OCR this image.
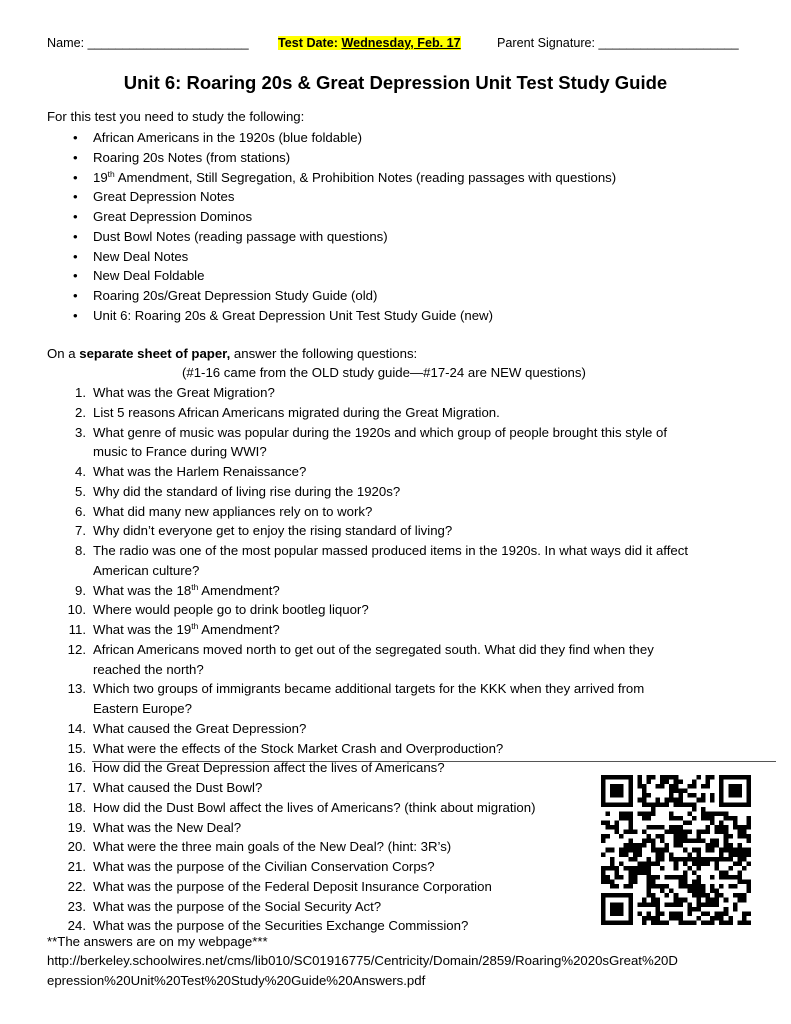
Name: _______________________ Test Date: Wednesday, Feb. 17	Parent Signature: ____________________
Unit 6: Roaring 20s & Great Depression Unit Test Study Guide
For this test you need to study the following:
• African Americans in the 1920s (blue foldable)
• Roaring 20s Notes (from stations)
• 19th Amendment, Still Segregation, & Prohibition Notes (reading passages with questions)
• Great Depression Notes
• Great Depression Dominos
• Dust Bowl Notes (reading passage with questions)
• New Deal Notes
• New Deal Foldable
• Roaring 20s/Great Depression Study Guide (old)
• Unit 6: Roaring 20s & Great Depression Unit Test Study Guide (new)
On a separate sheet of paper, answer the following questions:
(#1-16 came from the OLD study guide—#17-24 are NEW questions)
1. What was the Great Migration?
2. List 5 reasons African Americans migrated during the Great Migration.
3. What genre of music was popular during the 1920s and which group of people brought this style of
music to France during WWI?
4. What was the Harlem Renaissance?
5. Why did the standard of living rise during the 1920s?
6. What did many new appliances rely on to work?
7. Why didn’t everyone get to enjoy the rising standard of living?
8. The radio was one of the most popular massed produced items in the 1920s. In what ways did it affect
American culture?
9. What was the 18th Amendment?
10. Where would people go to drink bootleg liquor?
11. What was the 19th Amendment?
12. African Americans moved north to get out of the segregated south. What did they find when they
reached the north?
13. Which two groups of immigrants became additional targets for the KKK when they arrived from
Eastern Europe?
14. What caused the Great Depression?
15. What were the effects of the Stock Market Crash and Overproduction?
16. How did the Great Depression affect the lives of Americans?
17. What caused the Dust Bowl?
18. How did the Dust Bowl affect the lives of Americans? (think about migration)
19. What was the New Deal?
20. What were the three main goals of the New Deal? (hint: 3R’s)
21. What was the purpose of the Civilian Conservation Corps?
22. What was the purpose of the Federal Deposit Insurance Corporation
23. What was the purpose of the Social Security Act?
24. What was the purpose of the Securities Exchange Commission?
**The answers are on my webpage***
http://berkeley.schoolwires.net/cms/lib010/SC01916775/Centricity/Domain/2859/Roaring%2020sGreat%20D
epression%20Unit%20Test%20Study%20Guide%20Answers.pdf
